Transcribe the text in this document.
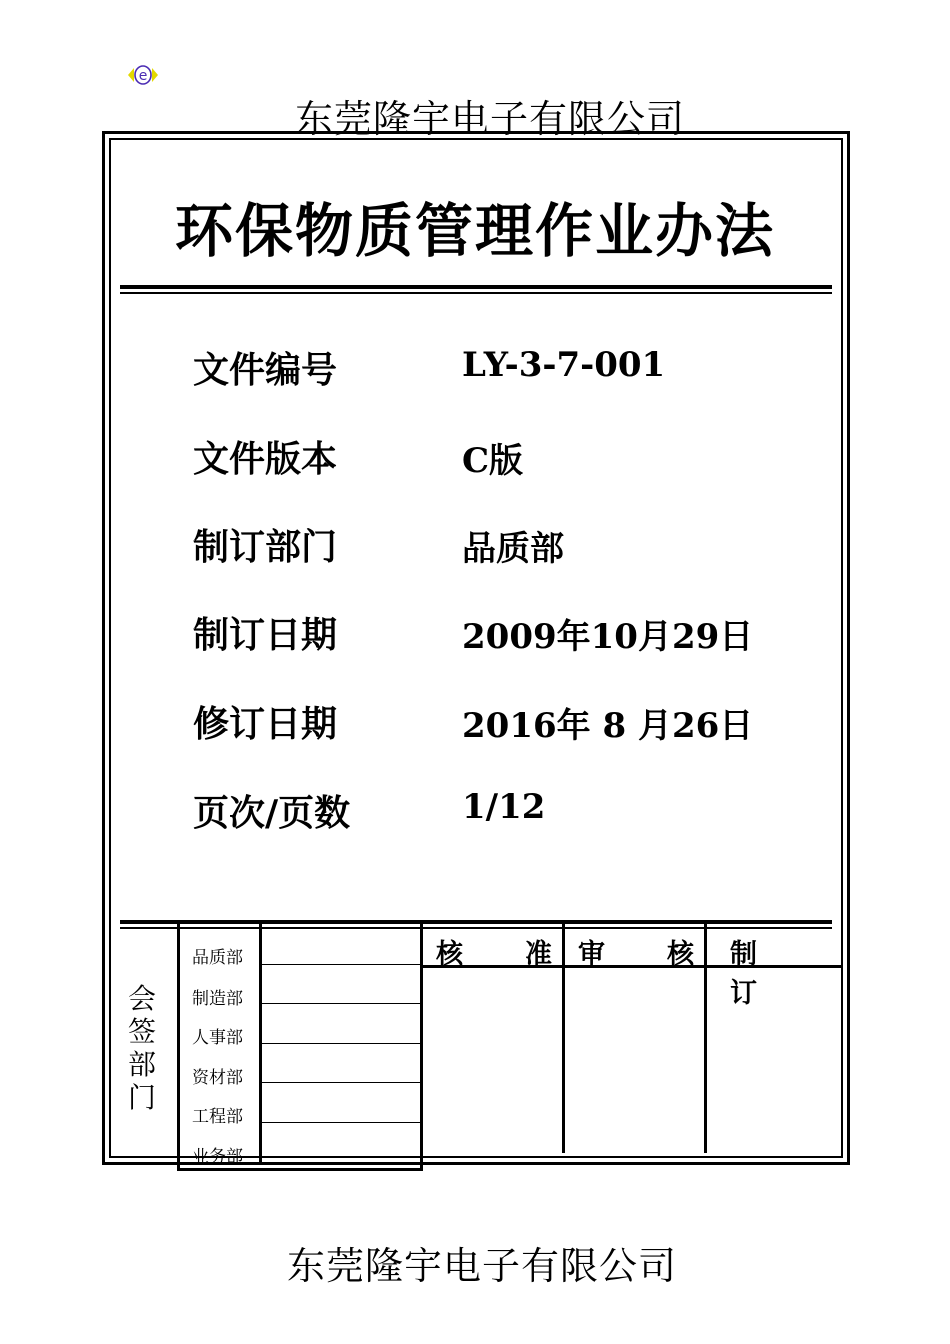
e
东莞隆宇电子有限公司
环保物质管理作业办法
文件编号	LY-3-7-001
文件版本	C版
制订部门	品质部
制订日期	2009年10月29日
修订日期	2016年 8 月26日
页次/页数	1/12
会签部门
品质部
制造部
人事部
资材部
工程部
业务部
核　　准 审　　核 制　　订
东莞隆宇电子有限公司
